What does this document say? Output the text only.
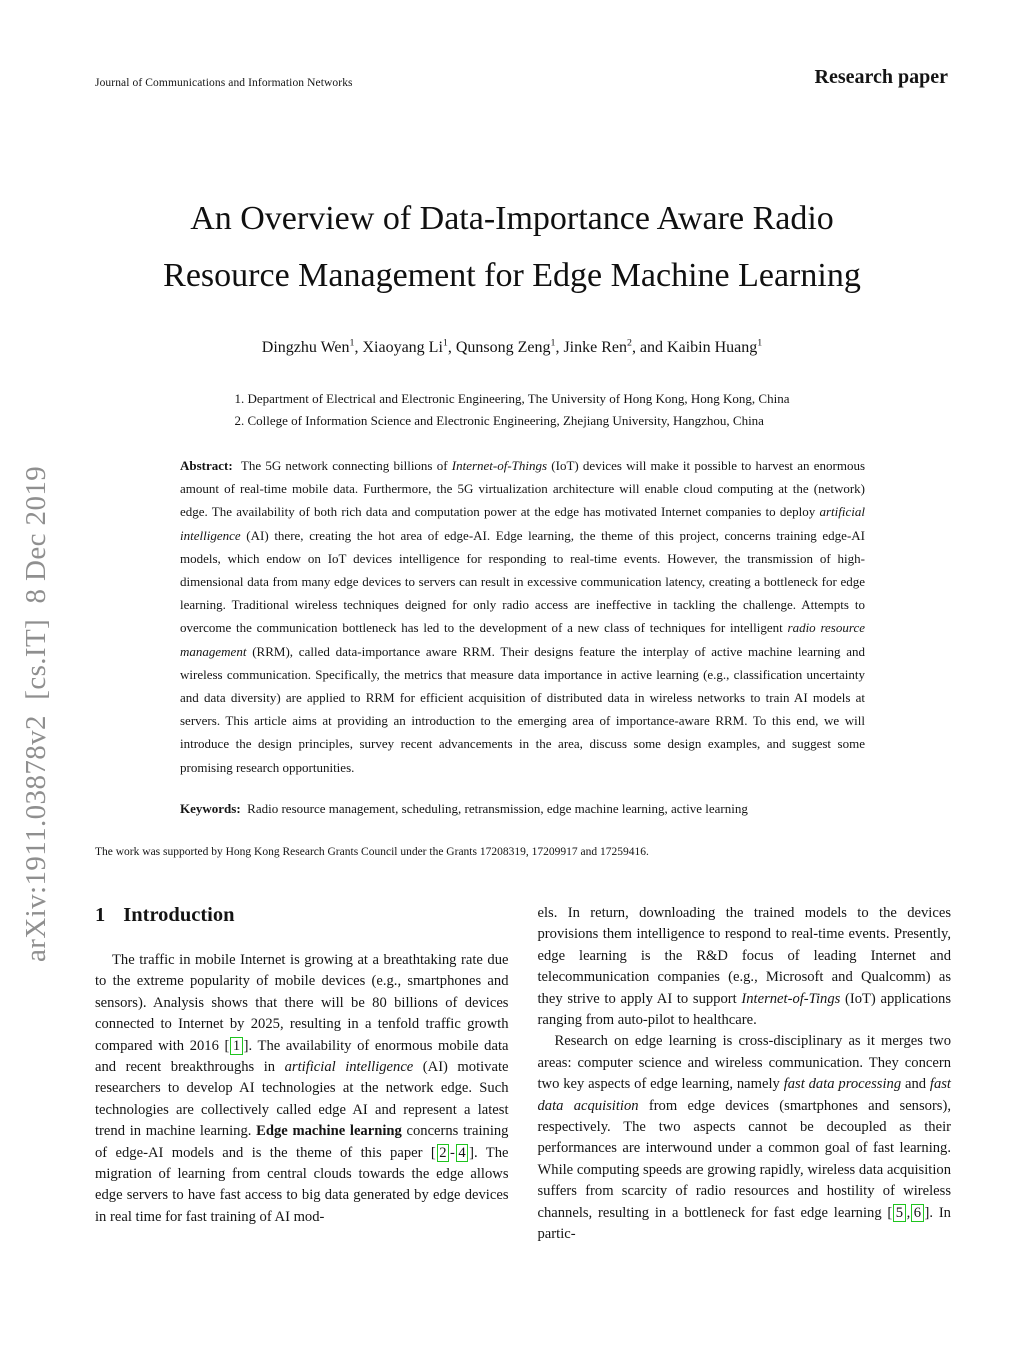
Journal of Communications and Information Networks	Research paper
arXiv:1911.03878v2  [cs.IT]  8 Dec 2019
An Overview of Data-Importance Aware Radio
Resource Management for Edge Machine Learning
Dingzhu Wen$^1$, Xiaoyang Li$^1$, Qunsong Zeng$^1$, Jinke Ren$^2$, and Kaibin Huang$^1$
1. Department of Electrical and Electronic Engineering, The University of Hong Kong, Hong Kong, China
2. College of Information Science and Electronic Engineering, Zhejiang University, Hangzhou, China
Abstract:  The 5G network connecting billions of Internet-of-Things (IoT) devices will make it possible to harvest an enormous amount of real-time mobile data. Furthermore, the 5G virtualization architecture will enable cloud computing at the (network) edge. The availability of both rich data and computation power at the edge has motivated Internet companies to deploy artificial intelligence (AI) there, creating the hot area of edge-AI. Edge learning, the theme of this project, concerns training edge-AI models, which endow on IoT devices intelligence for responding to real-time events. However, the transmission of high-dimensional data from many edge devices to servers can result in excessive communication latency, creating a bottleneck for edge learning. Traditional wireless techniques deigned for only radio access are ineffective in tackling the challenge. Attempts to overcome the communication bottleneck has led to the development of a new class of techniques for intelligent radio resource management (RRM), called data-importance aware RRM. Their designs feature the interplay of active machine learning and wireless communication. Specifically, the metrics that measure data importance in active learning (e.g., classification uncertainty and data diversity) are applied to RRM for efficient acquisition of distributed data in wireless networks to train AI models at servers. This article aims at providing an introduction to the emerging area of importance-aware RRM. To this end, we will introduce the design principles, survey recent advancements in the area, discuss some design examples, and suggest some promising research opportunities.
Keywords:  Radio resource management, scheduling, retransmission, edge machine learning, active learning
The work was supported by Hong Kong Research Grants Council under the Grants 17208319, 17209917 and 17259416.
1 Introduction

The traffic in mobile Internet is growing at a breathtaking rate due to the extreme popularity of mobile devices (e.g., smartphones and sensors). Analysis shows that there will be 80 billions of devices connected to Internet by 2025, resulting in a tenfold traffic growth compared with 2016 [ 1 ]. The availability of enormous mobile data and recent breakthroughs in artificial intelligence (AI) motivate researchers to develop AI technologies at the network edge. Such technologies are collectively called edge AI and represent a latest trend in machine learning. Edge machine learning concerns training of edge-AI models and is the theme of this paper [ 2 - 4 ]. The migration of learning from central clouds towards the edge allows edge servers to have fast access to big data generated by edge devices in real time for fast training of AI mod-

els. In return, downloading the trained models to the devices provisions them intelligence to respond to real-time events. Presently, edge learning is the R&D focus of leading Internet and telecommunication companies (e.g., Microsoft and Qualcomm) as they strive to apply AI to support Internet-of-Tings (IoT) applications ranging from auto-pilot to healthcare.

Research on edge learning is cross-disciplinary as it merges two areas: computer science and wireless communication. They concern two key aspects of edge learning, namely fast data processing and fast data acquisition from edge devices (smartphones and sensors), respectively. The two aspects cannot be decoupled as their performances are interwound under a common goal of fast learning. While computing speeds are growing rapidly, wireless data acquisition suffers from scarcity of radio resources and hostility of wireless channels, resulting in a bottleneck for fast edge learning [ 5 , 6 ]. In partic-
